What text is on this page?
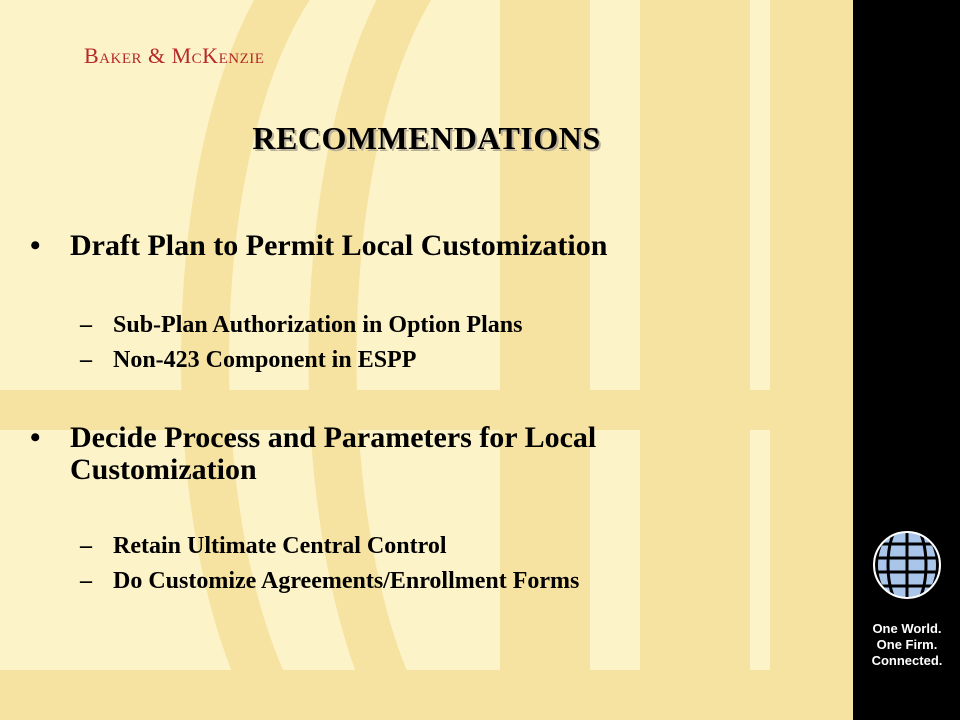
Baker & McKenzie
RECOMMENDATIONS
• Draft Plan to Permit Local Customization
– Sub-Plan Authorization in Option Plans
– Non-423 Component in ESPP
• Decide Process and Parameters for Local Customization
– Retain Ultimate Central Control
– Do Customize Agreements/Enrollment Forms
One World.
One Firm.
Connected.
